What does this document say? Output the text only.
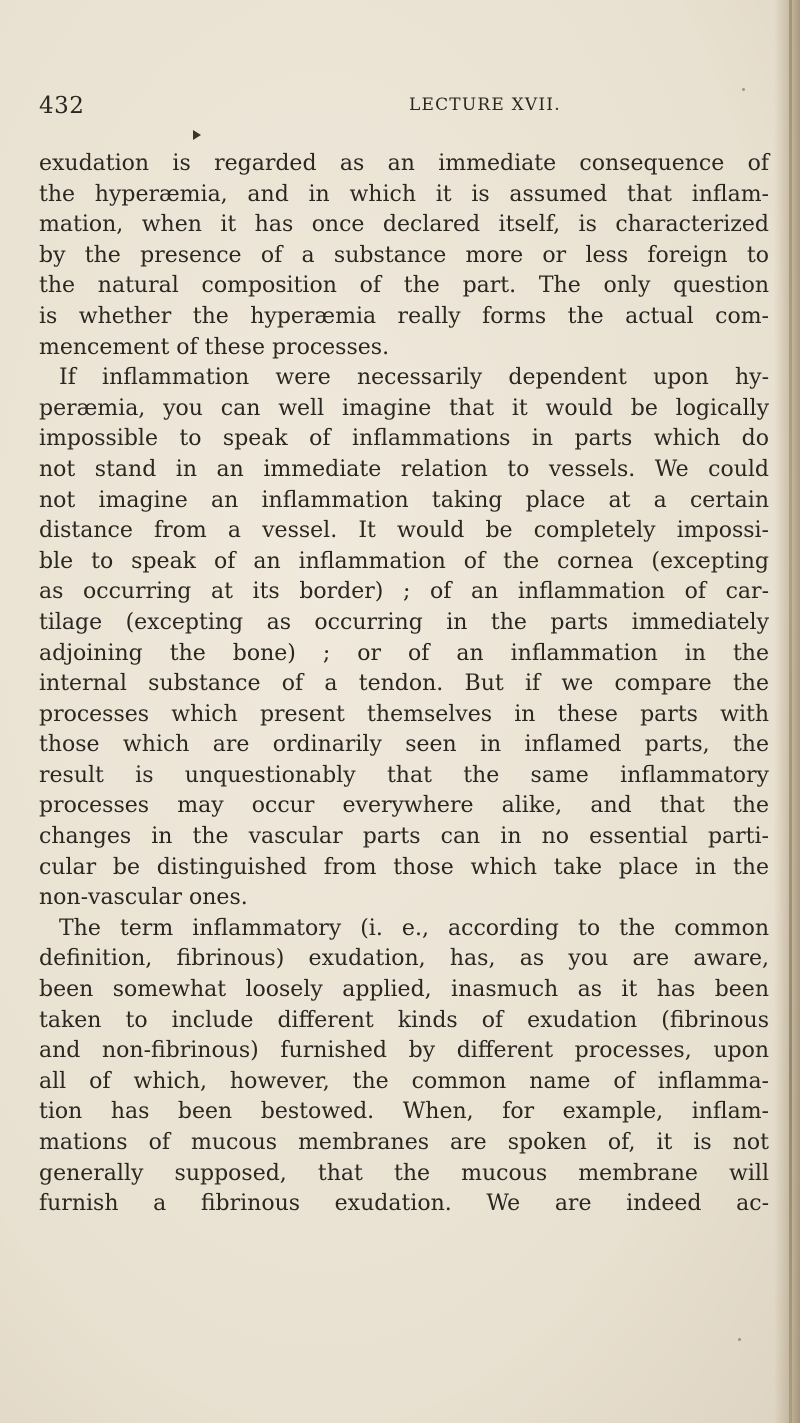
432	LECTURE XVII.
exudation is regarded as an immediate consequence of
the hyperæmia, and in which it is assumed that inflam-
mation, when it has once declared itself, is characterized
by the presence of a substance more or less foreign to
the natural composition of the part. The only question
is whether the hyperæmia really forms the actual com-
mencement of these processes.
If inflammation were necessarily dependent upon hy-
peræmia, you can well imagine that it would be logically
impossible to speak of inflammations in parts which do
not stand in an immediate relation to vessels. We could
not imagine an inflammation taking place at a certain
distance from a vessel. It would be completely impossi-
ble to speak of an inflammation of the cornea (excepting
as occurring at its border) ; of an inflammation of car-
tilage (excepting as occurring in the parts immediately
adjoining the bone) ; or of an inflammation in the
internal substance of a tendon. But if we compare the
processes which present themselves in these parts with
those which are ordinarily seen in inflamed parts, the
result is unquestionably that the same inflammatory
processes may occur everywhere alike, and that the
changes in the vascular parts can in no essential parti-
cular be distinguished from those which take place in the
non-vascular ones.
The term inflammatory (i. e., according to the common
definition, fibrinous) exudation, has, as you are aware,
been somewhat loosely applied, inasmuch as it has been
taken to include different kinds of exudation (fibrinous
and non-fibrinous) furnished by different processes, upon
all of which, however, the common name of inflamma-
tion has been bestowed. When, for example, inflam-
mations of mucous membranes are spoken of, it is not
generally supposed, that the mucous membrane will
furnish a fibrinous exudation. We are indeed ac-
